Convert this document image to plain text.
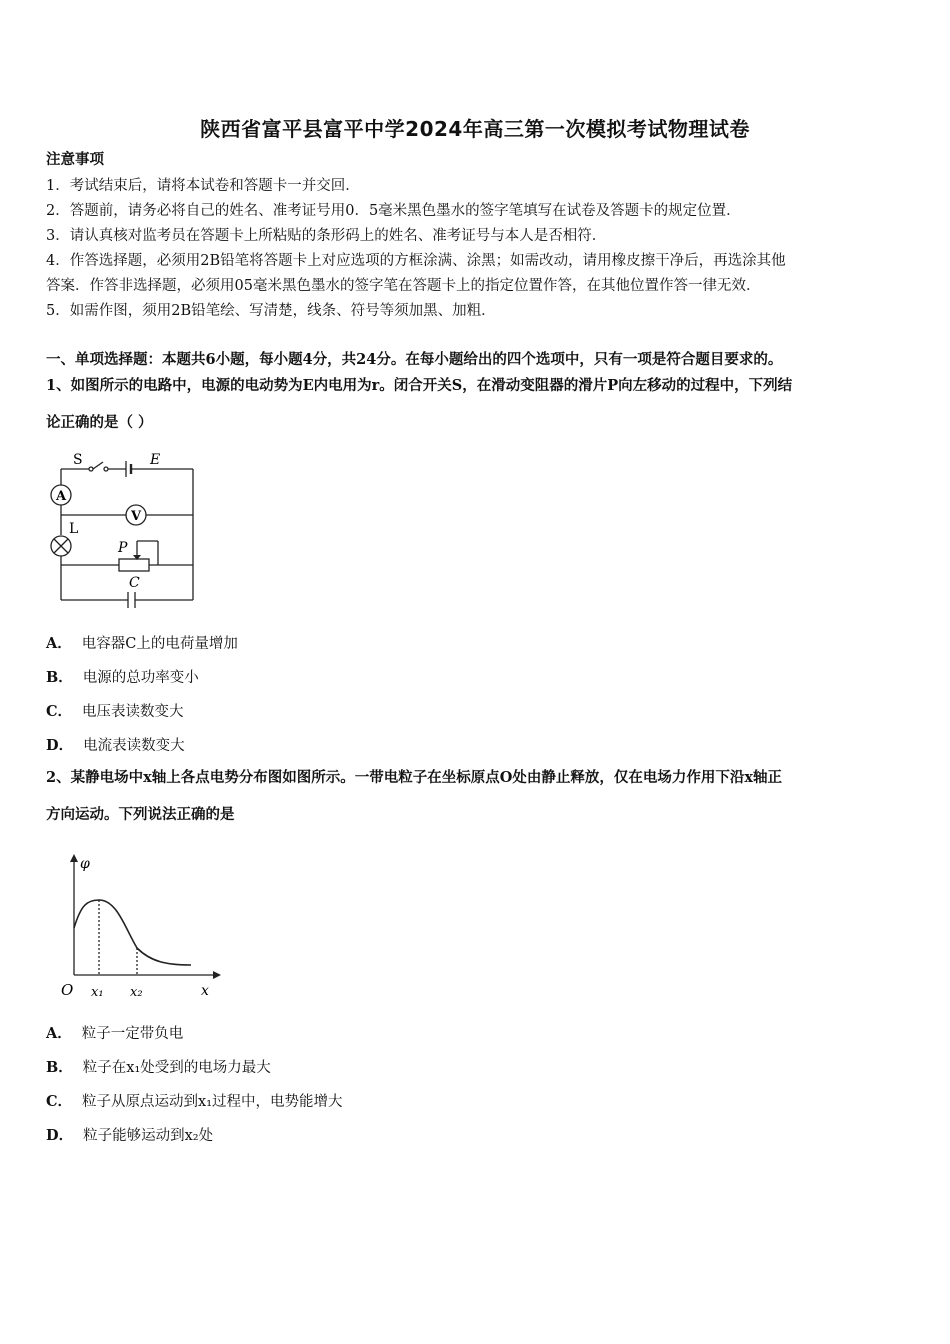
陕西省富平县富平中学2024年高三第一次模拟考试物理试卷
注意事项
1．考试结束后，请将本试卷和答题卡一并交回．
2．答题前，请务必将自己的姓名、准考证号用0．5毫米黑色墨水的签字笔填写在试卷及答题卡的规定位置．
3．请认真核对监考员在答题卡上所粘贴的条形码上的姓名、准考证号与本人是否相符．
4．作答选择题，必须用2B铅笔将答题卡上对应选项的方框涂满、涂黑；如需改动，请用橡皮擦干净后，再选涂其他
答案．作答非选择题，必须用05毫米黑色墨水的签字笔在答题卡上的指定位置作答，在其他位置作答一律无效．
5．如需作图，须用2B铅笔绘、写清楚，线条、符号等须加黑、加粗．
一、单项选择题：本题共6小题，每小题4分，共24分。在每小题给出的四个选项中，只有一项是符合题目要求的。
1、如图所示的电路中，电源的电动势为E内电用为r。闭合开关S，在滑动变阻器的滑片P向左移动的过程中，下列结
论正确的是（ ）
S	E
A
V
L
P
C
A． 电容器C上的电荷量增加
B． 电源的总功率变小
C． 电压表读数变大
D． 电流表读数变大
2、某静电场中x轴上各点电势分布图如图所示。一带电粒子在坐标原点O处由静止释放，仅在电场力作用下沿x轴正
方向运动。下列说法正确的是
φ
O x₁ x₂	x
A． 粒子一定带负电
B． 粒子在x₁处受到的电场力最大
C． 粒子从原点运动到x₁过程中，电势能增大
D． 粒子能够运动到x₂处
